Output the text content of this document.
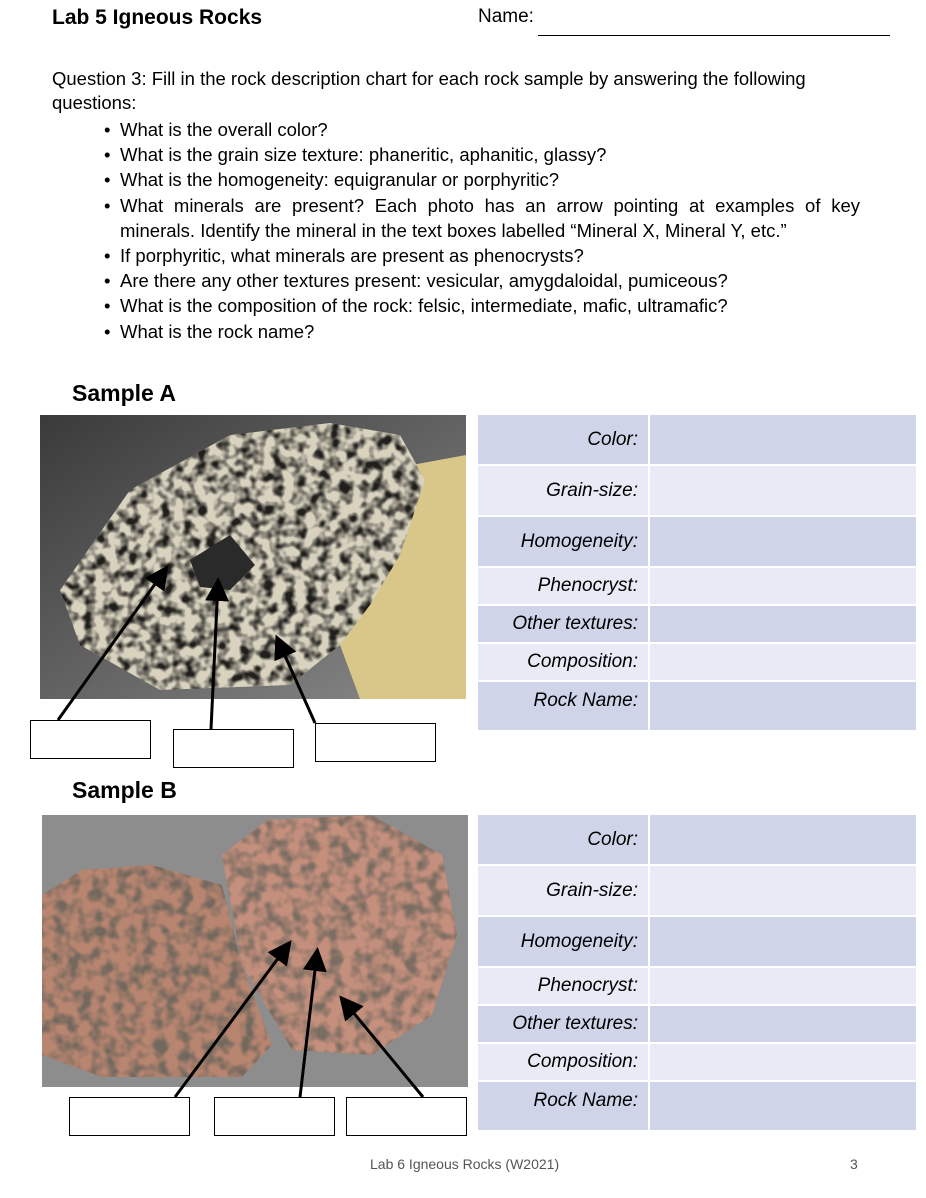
Lab 5 Igneous Rocks	Name:
Question 3: Fill in the rock description chart for each rock sample by answering the following questions:
• What is the overall color?
• What is the grain size texture: phaneritic, aphanitic, glassy?
• What is the homogeneity: equigranular or porphyritic?
• What minerals are present? Each photo has an arrow pointing at examples of key minerals. Identify the mineral in the text boxes labelled “Mineral X, Mineral Y, etc.”
• If porphyritic, what minerals are present as phenocrysts?
• Are there any other textures present: vesicular, amygdaloidal, pumiceous?
• What is the composition of the rock: felsic, intermediate, mafic, ultramafic?
• What is the rock name?
Sample A
Color:	
Grain-size:	
Homogeneity:	
Phenocryst:	
Other textures:	
Composition:	
Rock Name:	
Sample B
Color:	
Grain-size:	
Homogeneity:	
Phenocryst:	
Other textures:	
Composition:	
Rock Name:	
Lab 6 Igneous Rocks (W2021)	3
